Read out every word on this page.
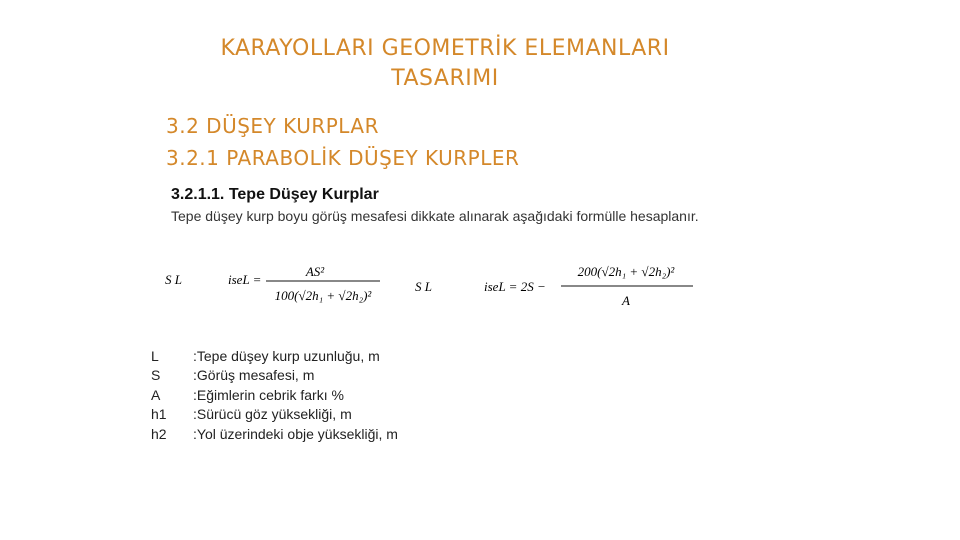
KARAYOLLARI GEOMETRİK ELEMANLARI
TASARIMI
3.2 DÜŞEY KURPLAR
3.2.1 PARABOLİK DÜŞEY KURPLER
3.2.1.1. Tepe Düşey Kurplar
Tepe düşey kurp boyu görüş mesafesi dikkate alınarak aşağıdaki formülle hesaplanır.
S L	iseL =
AS²
100(√2h₁ + √2h₂)²
S L	iseL = 2S −
200(√2h₁ + √2h₂)²
A
L
S
A
h1
h2
:Tepe düşey kurp uzunluğu, m
:Görüş mesafesi, m
:Eğimlerin cebrik farkı %
:Sürücü göz yüksekliği, m
:Yol üzerindeki obje yüksekliği, m
